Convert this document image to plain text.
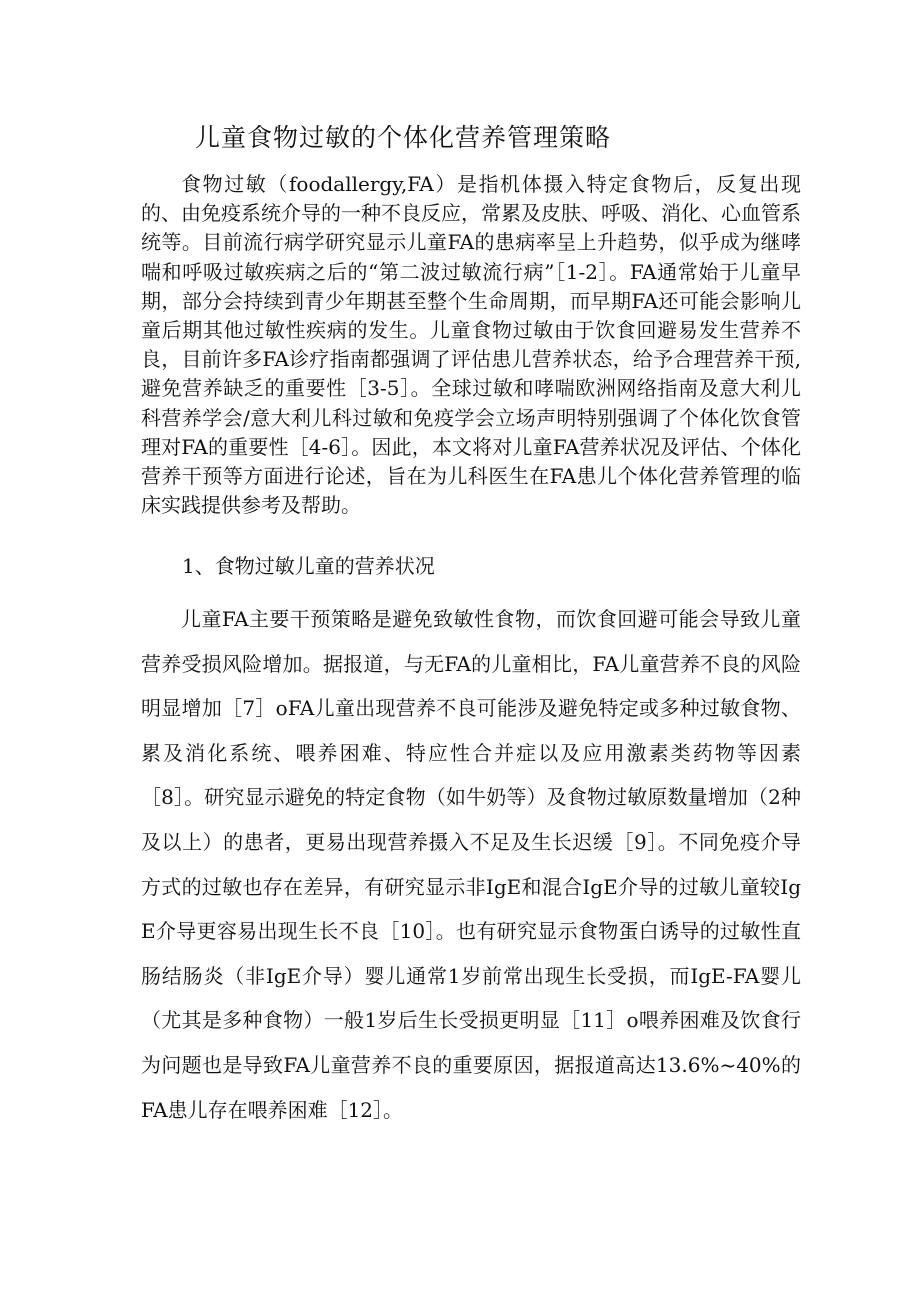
儿童食物过敏的个体化营养管理策略

食物过敏（foodallergy,FA）是指机体摄入特定食物后，反复出现的、由免疫系统介导的一种不良反应，常累及皮肤、呼吸、消化、心血管系统等。目前流行病学研究显示儿童FA的患病率呈上升趋势，似乎成为继哮喘和呼吸过敏疾病之后的“第二波过敏流行病”［1-2］。FA通常始于儿童早期，部分会持续到青少年期甚至整个生命周期，而早期FA还可能会影响儿童后期其他过敏性疾病的发生。儿童食物过敏由于饮食回避易发生营养不良，目前许多FA诊疗指南都强调了评估患儿营养状态，给予合理营养干预,避免营养缺乏的重要性［3-5］。全球过敏和哮喘欧洲网络指南及意大利儿科营养学会/意大利儿科过敏和免疫学会立场声明特别强调了个体化饮食管理对FA的重要性［4-6］。因此，本文将对儿童FA营养状况及评估、个体化营养干预等方面进行论述，旨在为儿科医生在FA患儿个体化营养管理的临床实践提供参考及帮助。

1、食物过敏儿童的营养状况

儿童FA主要干预策略是避免致敏性食物，而饮食回避可能会导致儿童营养受损风险增加。据报道，与无FA的儿童相比，FA儿童营养不良的风险明显增加［7］oFA儿童出现营养不良可能涉及避免特定或多种过敏食物、累及消化系统、喂养困难、特应性合并症以及应用激素类药物等因素［8］。研究显示避免的特定食物（如牛奶等）及食物过敏原数量增加（2种及以上）的患者，更易出现营养摄入不足及生长迟缓［9］。不同免疫介导方式的过敏也存在差异，有研究显示非IgE和混合IgE介导的过敏儿童较IgE介导更容易出现生长不良［10］。也有研究显示食物蛋白诱导的过敏性直肠结肠炎（非IgE介导）婴儿通常1岁前常出现生长受损，而IgE-FA婴儿（尤其是多种食物）一般1岁后生长受损更明显［11］o喂养困难及饮食行为问题也是导致FA儿童营养不良的重要原因，据报道高达13.6%~40%的FA患儿存在喂养困难［12］。
